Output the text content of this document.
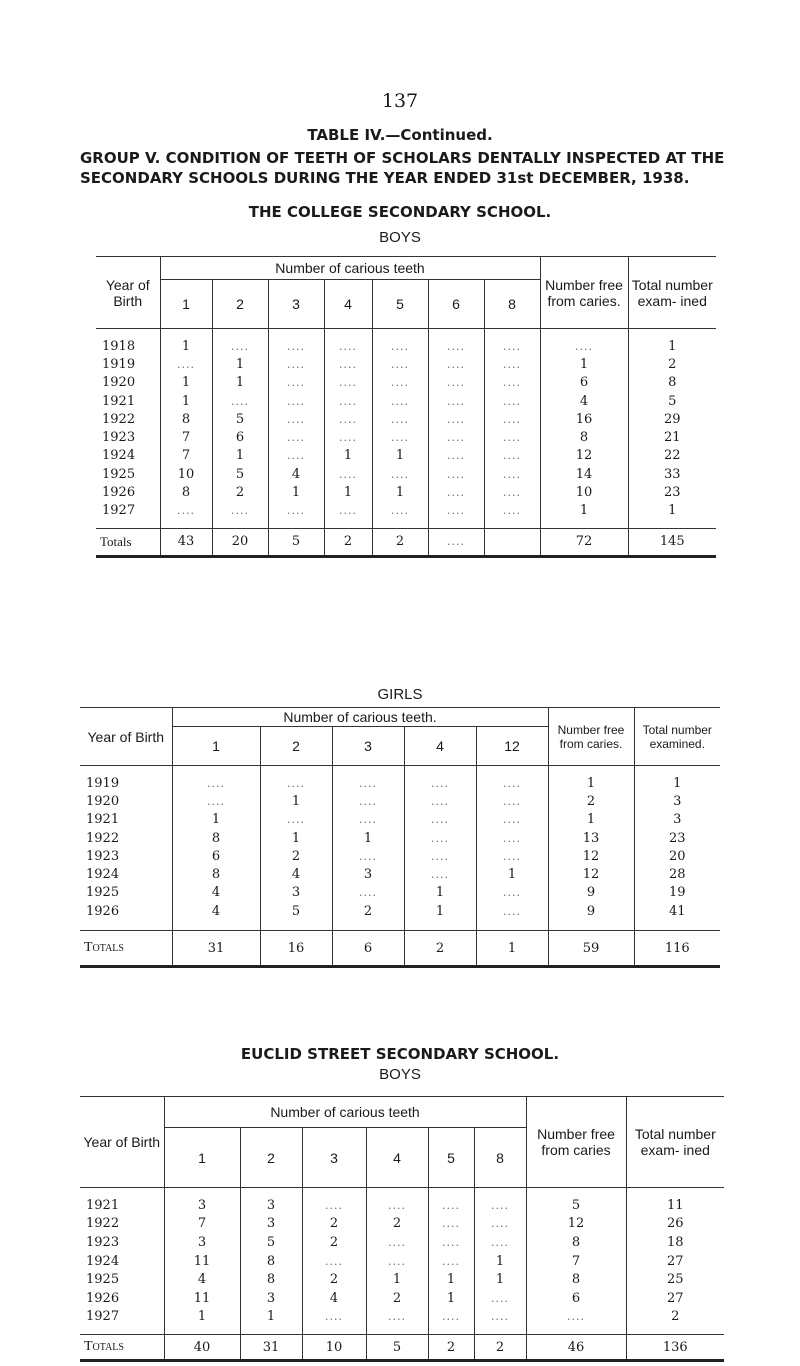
137
TABLE IV.—Continued.
GROUP V. CONDITION OF TEETH OF SCHOLARS DENTALLY INSPECTED AT THE SECONDARY SCHOOLS DURING THE YEAR ENDED 31st DECEMBER, 1938.
THE COLLEGE SECONDARY SCHOOL.
BOYS
Year of Birth	Number of carious teeth							Number free from caries.	Total number exam- ined
	1	2	3	4	5	6	8		

1918	1	....	....	....	....	....	....	....	1
1919	....	1	....	....	....	....	....	1	2
1920	1	1	....	....	....	....	....	6	8
1921	1	....	....	....	....	....	....	4	5
1922	8	5	....	....	....	....	....	16	29
1923	7	6	....	....	....	....	....	8	21
1924	7	1	....	1	1	....	....	12	22
1925	10	5	4	....	....	....	....	14	33
1926	8	2	1	1	1	....	....	10	23
1927	....	....	....	....	....	....	....	1	1

Totals	43	20	5	2	2	....		72	145
GIRLS
Year of Birth	Number of carious teeth.					Number free from caries.	Total number examined.
	1	2	3	4	12		

1919	....	....	....	....	....	1	1
1920	....	1	....	....	....	2	3
1921	1	....	....	....	....	1	3
1922	8	1	1	....	....	13	23
1923	6	2	....	....	....	12	20
1924	8	4	3	....	1	12	28
1925	4	3	....	1	....	9	19
1926	4	5	2	1	....	9	41

Totals	31	16	6	2	1	59	116
EUCLID STREET SECONDARY SCHOOL.
BOYS
Year of Birth	Number of carious teeth						Number free from caries	Total number exam- ined
	1	2	3	4	5	8		

1921	3	3	....	....	....	....	5	11
1922	7	3	2	2	....	....	12	26
1923	3	5	2	....	....	....	8	18
1924	11	8	....	....	....	1	7	27
1925	4	8	2	1	1	1	8	25
1926	11	3	4	2	1	....	6	27
1927	1	1	....	....	....	....	....	2

Totals	40	31	10	5	2	2	46	136
